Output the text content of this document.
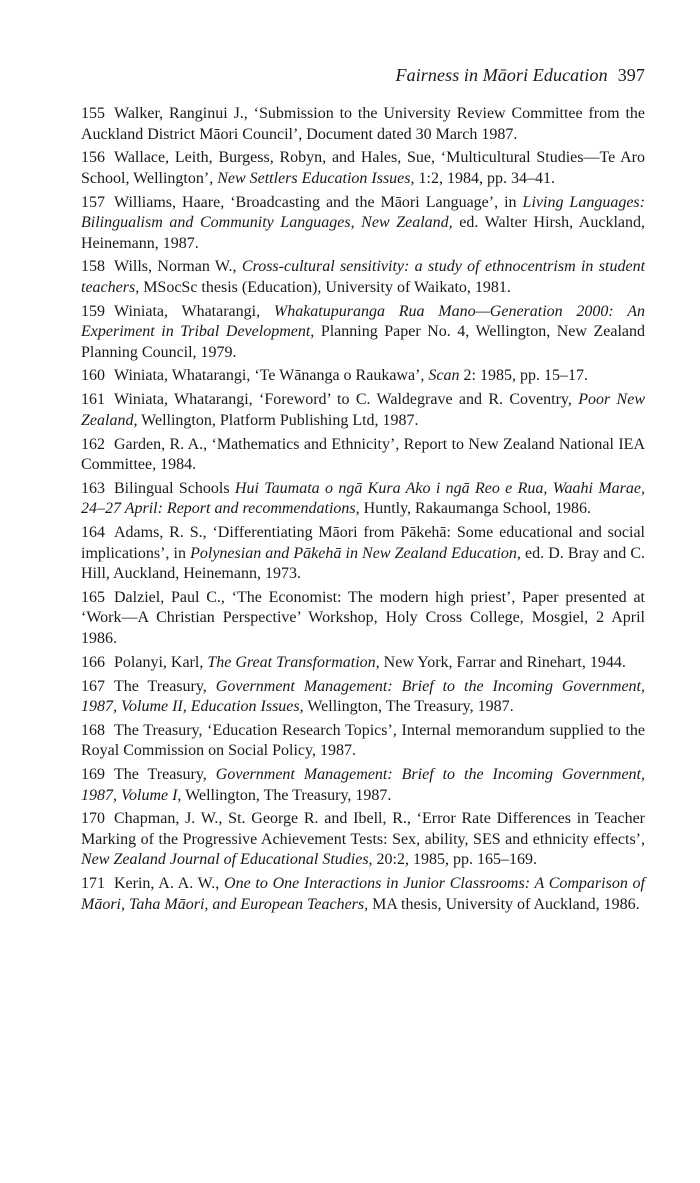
Fairness in Māori Education 397

155 Walker, Ranginui J., ‘Submission to the University Review Committee from the Auckland District Māori Council’, Document dated 30 March 1987.

156 Wallace, Leith, Burgess, Robyn, and Hales, Sue, ‘Multicultural Studies—Te Aro School, Wellington’, New Settlers Education Issues, 1:2, 1984, pp. 34–41.

157 Williams, Haare, ‘Broadcasting and the Māori Language’, in Living Languages: Bilingualism and Community Languages, New Zealand, ed. Walter Hirsh, Auckland, Heinemann, 1987.

158 Wills, Norman W., Cross-cultural sensitivity: a study of ethnocentrism in student teachers, MSocSc thesis (Education), University of Waikato, 1981.

159 Winiata, Whatarangi, Whakatupuranga Rua Mano—Generation 2000: An Experiment in Tribal Development, Planning Paper No. 4, Wellington, New Zealand Planning Council, 1979.

160 Winiata, Whatarangi, ‘Te Wānanga o Raukawa’, Scan 2: 1985, pp. 15–17.

161 Winiata, Whatarangi, ‘Foreword’ to C. Waldegrave and R. Coventry, Poor New Zealand, Wellington, Platform Publishing Ltd, 1987.

162 Garden, R. A., ‘Mathematics and Ethnicity’, Report to New Zealand National IEA Committee, 1984.

163 Bilingual Schools Hui Taumata o ngā Kura Ako i ngā Reo e Rua, Waahi Marae, 24–27 April: Report and recommendations, Huntly, Rakaumanga School, 1986.

164 Adams, R. S., ‘Differentiating Māori from Pākehā: Some educational and social implications’, in Polynesian and Pākehā in New Zealand Education, ed. D. Bray and C. Hill, Auckland, Heinemann, 1973.

165 Dalziel, Paul C., ‘The Economist: The modern high priest’, Paper presented at ‘Work—A Christian Perspective’ Workshop, Holy Cross College, Mosgiel, 2 April 1986.

166 Polanyi, Karl, The Great Transformation, New York, Farrar and Rinehart, 1944.

167 The Treasury, Government Management: Brief to the Incoming Government, 1987, Volume II, Education Issues, Wellington, The Treasury, 1987.

168 The Treasury, ‘Education Research Topics’, Internal memorandum supplied to the Royal Commission on Social Policy, 1987.

169 The Treasury, Government Management: Brief to the Incoming Government, 1987, Volume I, Wellington, The Treasury, 1987.

170 Chapman, J. W., St. George R. and Ibell, R., ‘Error Rate Differences in Teacher Marking of the Progressive Achievement Tests: Sex, ability, SES and ethnicity effects’, New Zealand Journal of Educational Studies, 20:2, 1985, pp. 165–169.

171 Kerin, A. A. W., One to One Interactions in Junior Classrooms: A Comparison of Māori, Taha Māori, and European Teachers, MA thesis, University of Auckland, 1986.
